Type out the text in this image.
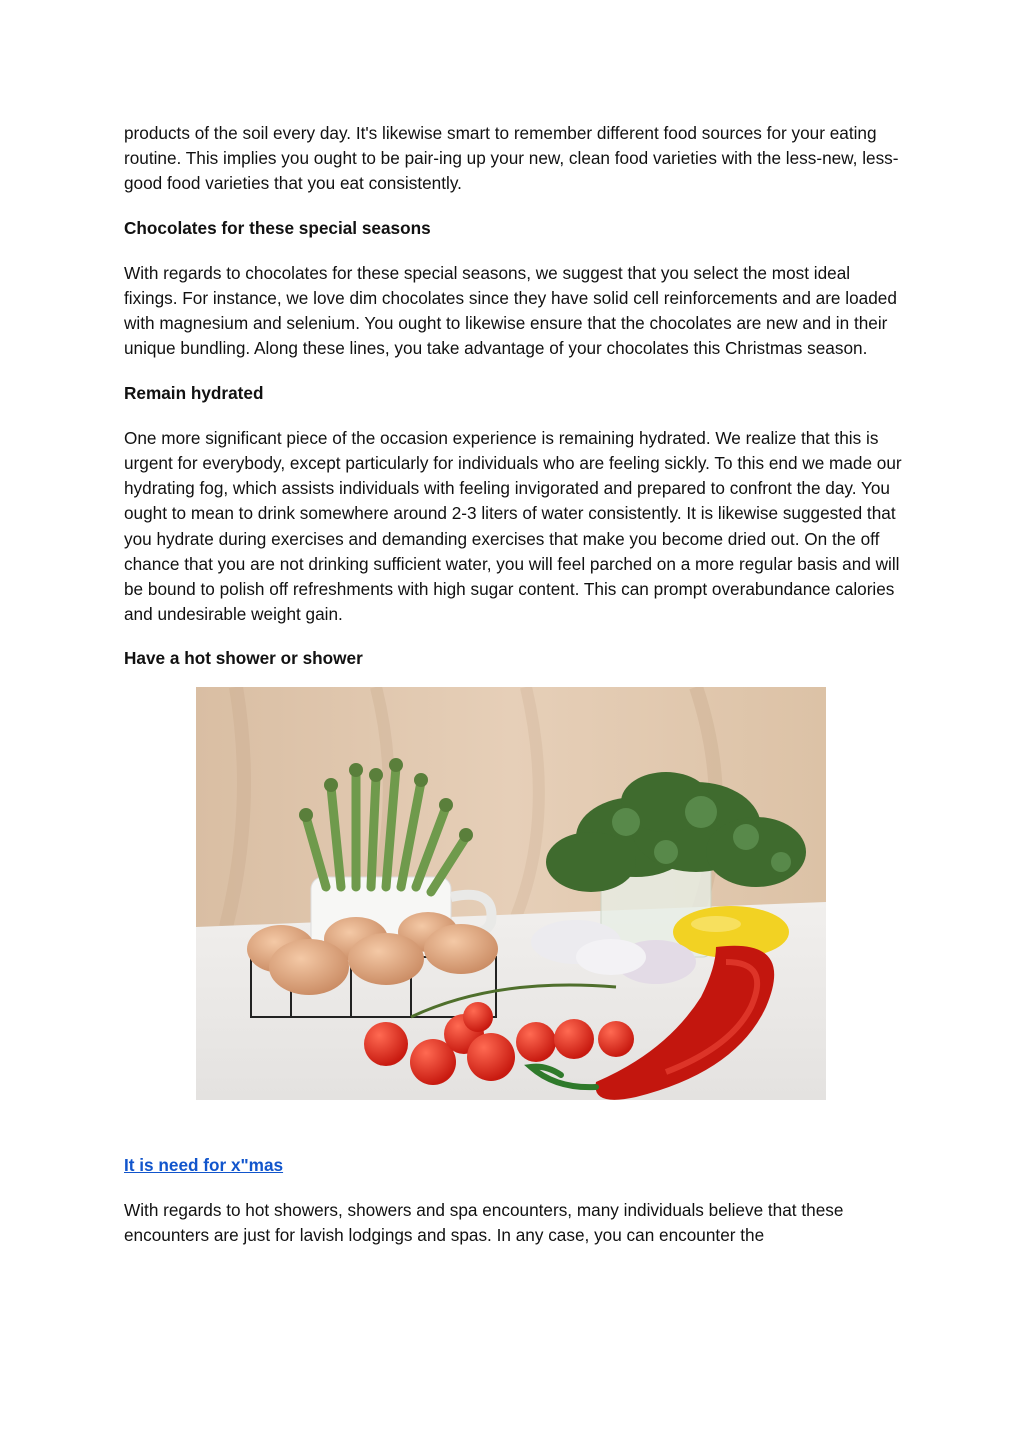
products of the soil every day. It's likewise smart to remember different food sources for your eating routine. This implies you ought to be pair-ing up your new, clean food varieties with the less-new, less-good food varieties that you eat consistently.

Chocolates for these special seasons

With regards to chocolates for these special seasons, we suggest that you select the most ideal fixings. For instance, we love dim chocolates since they have solid cell reinforcements and are loaded with magnesium and selenium. You ought to likewise ensure that the chocolates are new and in their unique bundling. Along these lines, you take advantage of your chocolates this Christmas season.

Remain hydrated

One more significant piece of the occasion experience is remaining hydrated. We realize that this is urgent for everybody, except particularly for individuals who are feeling sickly. To this end we made our hydrating fog, which assists individuals with feeling invigorated and prepared to confront the day. You ought to mean to drink somewhere around 2-3 liters of water consistently. It is likewise suggested that you hydrate during exercises and demanding exercises that make you become dried out. On the off chance that you are not drinking sufficient water, you will feel parched on a more regular basis and will be bound to polish off refreshments with high sugar content. This can prompt overabundance calories and undesirable weight gain.

Have a hot shower or shower
It is need for x"mas

With regards to hot showers, showers and spa encounters, many individuals believe that these encounters are just for lavish lodgings and spas. In any case, you can encounter the
